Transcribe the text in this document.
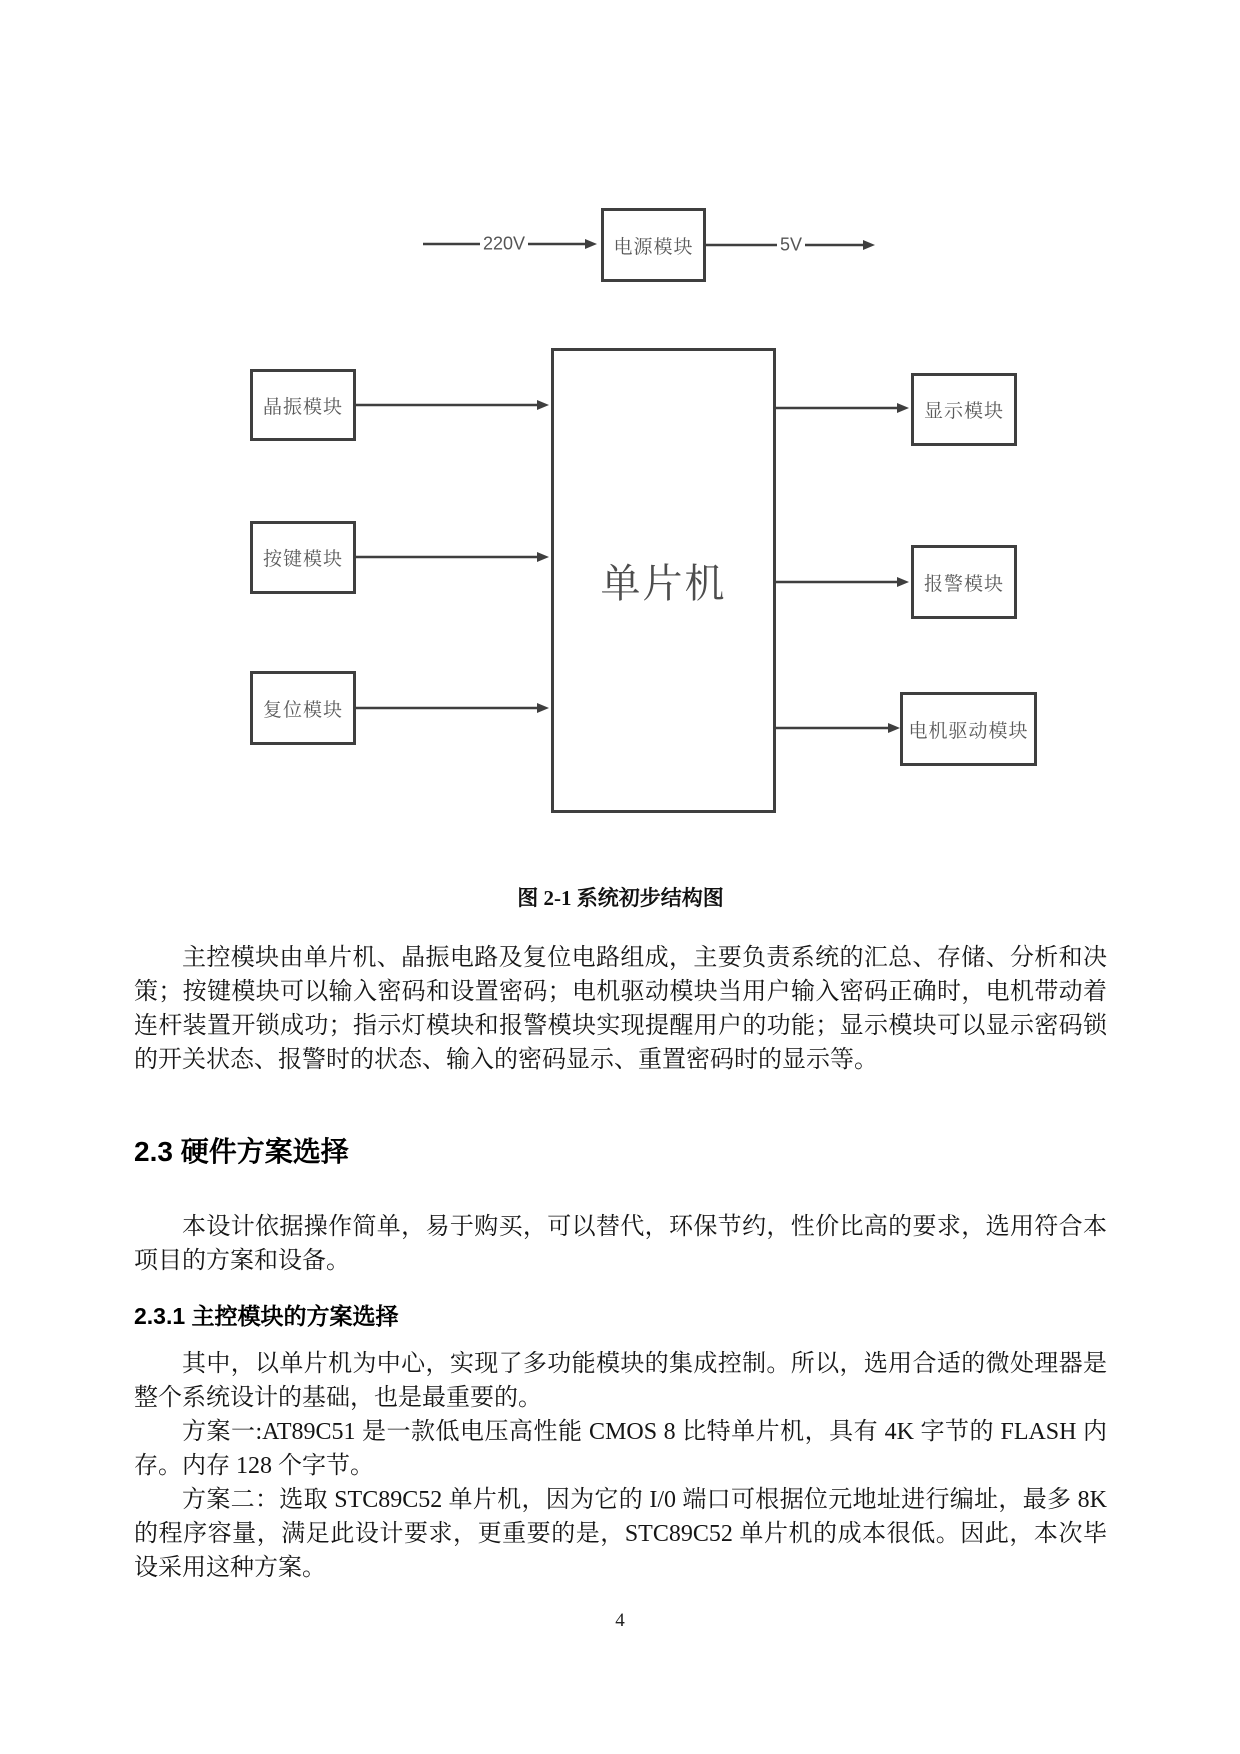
220V	5V
电源模块
晶振模块
按键模块
复位模块
单片机
显示模块
报警模块
电机驱动模块
图 2-1 系统初步结构图

主控模块由单片机、晶振电路及复位电路组成，主要负责系统的汇总、存储、分析和决策；按键模块可以输入密码和设置密码；电机驱动模块当用户输入密码正确时，电机带动着连杆装置开锁成功；指示灯模块和报警模块实现提醒用户的功能；显示模块可以显示密码锁的开关状态、报警时的状态、输入的密码显示、重置密码时的显示等。

2.3 硬件方案选择

本设计依据操作简单，易于购买，可以替代，环保节约，性价比高的要求，选用符合本项目的方案和设备。

2.3.1 主控模块的方案选择

其中，以单片机为中心，实现了多功能模块的集成控制。所以，选用合适的微处理器是整个系统设计的基础，也是最重要的。

方案一:AT89C51 是一款低电压高性能 CMOS 8 比特单片机，具有 4K 字节的 FLASH 内存。内存 128 个字节。

方案二：选取 STC89C52 单片机，因为它的 I/0 端口可根据位元地址进行编址，最多 8K 的程序容量，满足此设计要求，更重要的是，STC89C52 单片机的成本很低。因此，本次毕设采用这种方案。

4
